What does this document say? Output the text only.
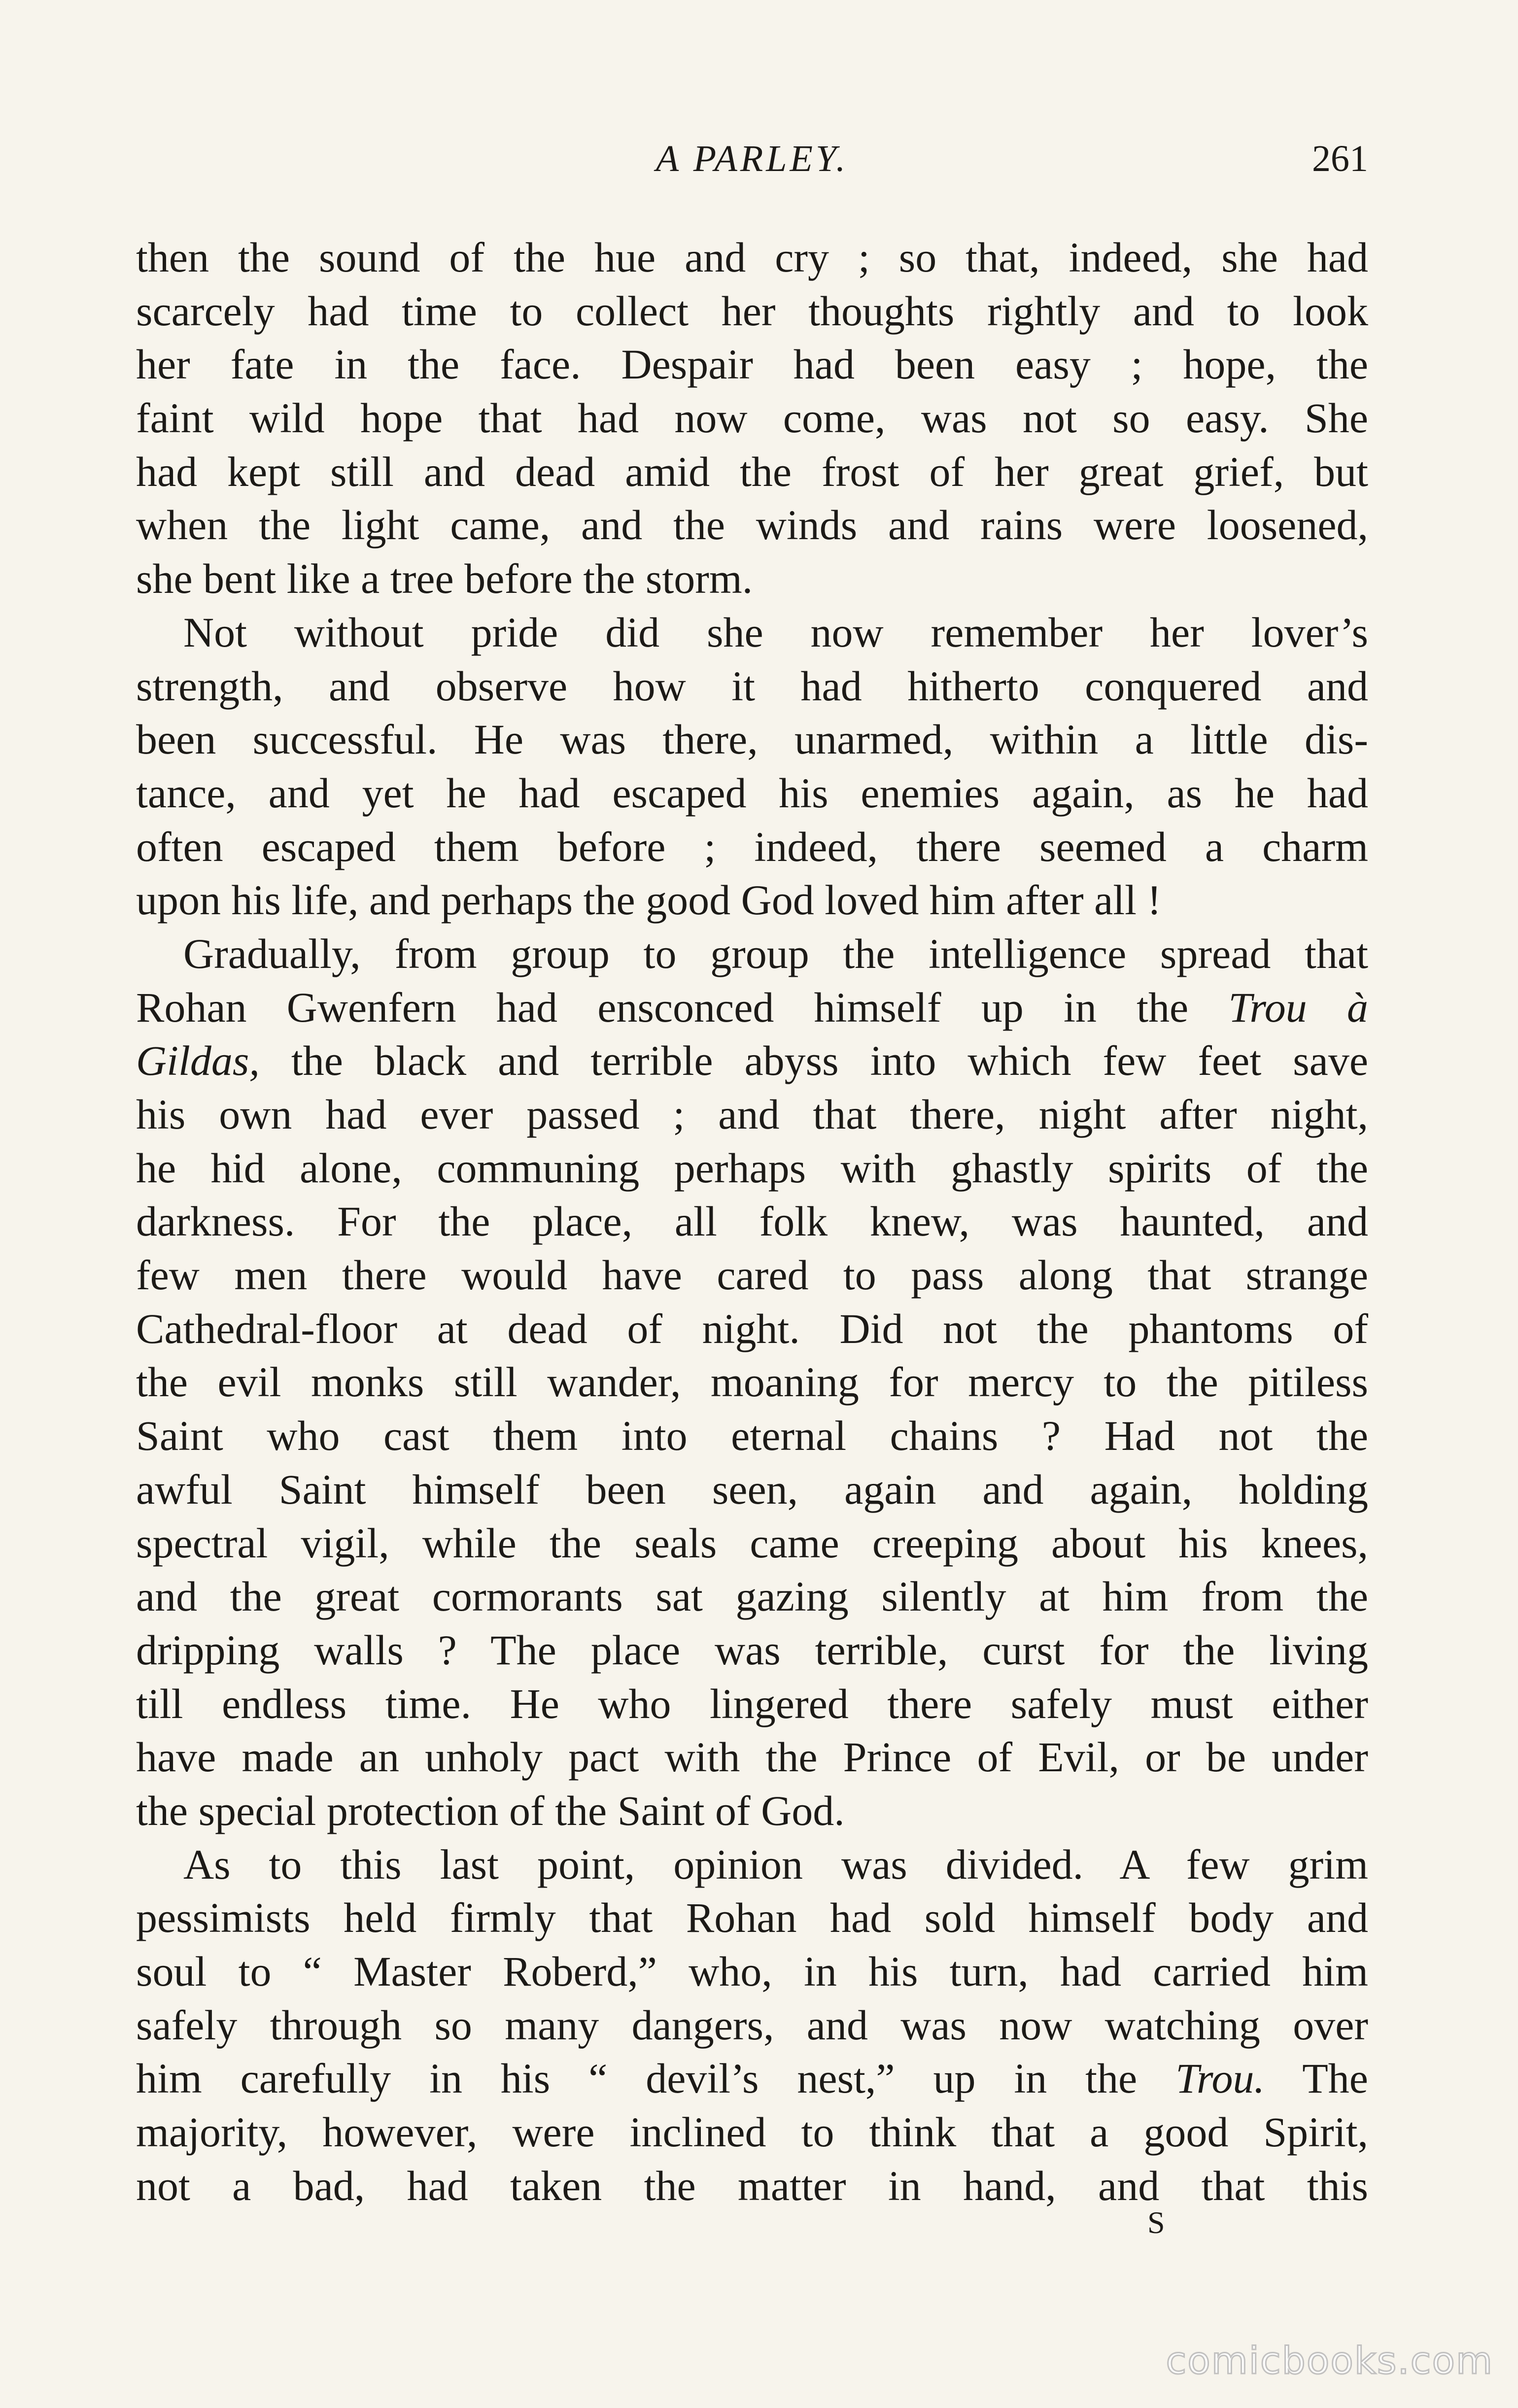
A PARLEY.	261
then the sound of the hue and cry ; so that, indeed, she had
scarcely had time to collect her thoughts rightly and to look
her fate in the face. Despair had been easy ; hope, the
faint wild hope that had now come, was not so easy. She
had kept still and dead amid the frost of her great grief, but
when the light came, and the winds and rains were loosened,
she bent like a tree before the storm.
Not without pride did she now remember her lover’s
strength, and observe how it had hitherto conquered and
been successful. He was there, unarmed, within a little dis-
tance, and yet he had escaped his enemies again, as he had
often escaped them before ; indeed, there seemed a charm
upon his life, and perhaps the good God loved him after all !
Gradually, from group to group the intelligence spread that
Rohan Gwenfern had ensconced himself up in the Trou à
Gildas, the black and terrible abyss into which few feet save
his own had ever passed ; and that there, night after night,
he hid alone, communing perhaps with ghastly spirits of the
darkness. For the place, all folk knew, was haunted, and
few men there would have cared to pass along that strange
Cathedral-floor at dead of night. Did not the phantoms of
the evil monks still wander, moaning for mercy to the pitiless
Saint who cast them into eternal chains ? Had not the
awful Saint himself been seen, again and again, holding
spectral vigil, while the seals came creeping about his knees,
and the great cormorants sat gazing silently at him from the
dripping walls ? The place was terrible, curst for the living
till endless time. He who lingered there safely must either
have made an unholy pact with the Prince of Evil, or be under
the special protection of the Saint of God.
As to this last point, opinion was divided. A few grim
pessimists held firmly that Rohan had sold himself body and
soul to “ Master Roberd,” who, in his turn, had carried him
safely through so many dangers, and was now watching over
him carefully in his “ devil’s nest,” up in the Trou. The
majority, however, were inclined to think that a good Spirit,
not a bad, had taken the matter in hand, and that this
S
comicbooks.com
